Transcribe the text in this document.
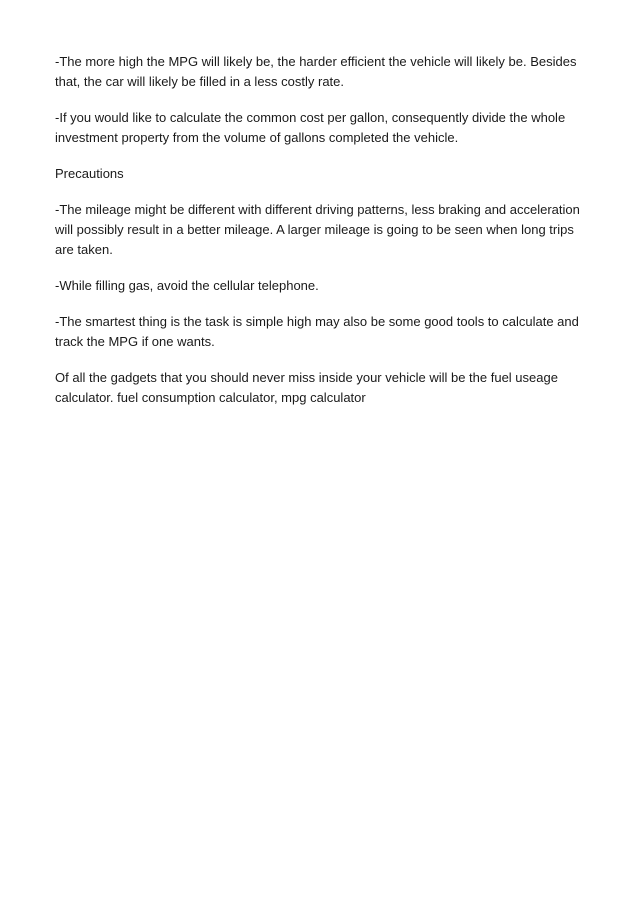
-The more high the MPG will likely be, the harder efficient the vehicle will likely be. Besides that, the car will likely be filled in a less costly rate.

-If you would like to calculate the common cost per gallon, consequently divide the whole investment property from the volume of gallons completed the vehicle.

Precautions

-The mileage might be different with different driving patterns, less braking and acceleration will possibly result in a better mileage. A larger mileage is going to be seen when long trips are taken.

-While filling gas, avoid the cellular telephone.

-The smartest thing is the task is simple high may also be some good tools to calculate and track the MPG if one wants.

Of all the gadgets that you should never miss inside your vehicle will be the fuel useage calculator. fuel consumption calculator, mpg calculator
